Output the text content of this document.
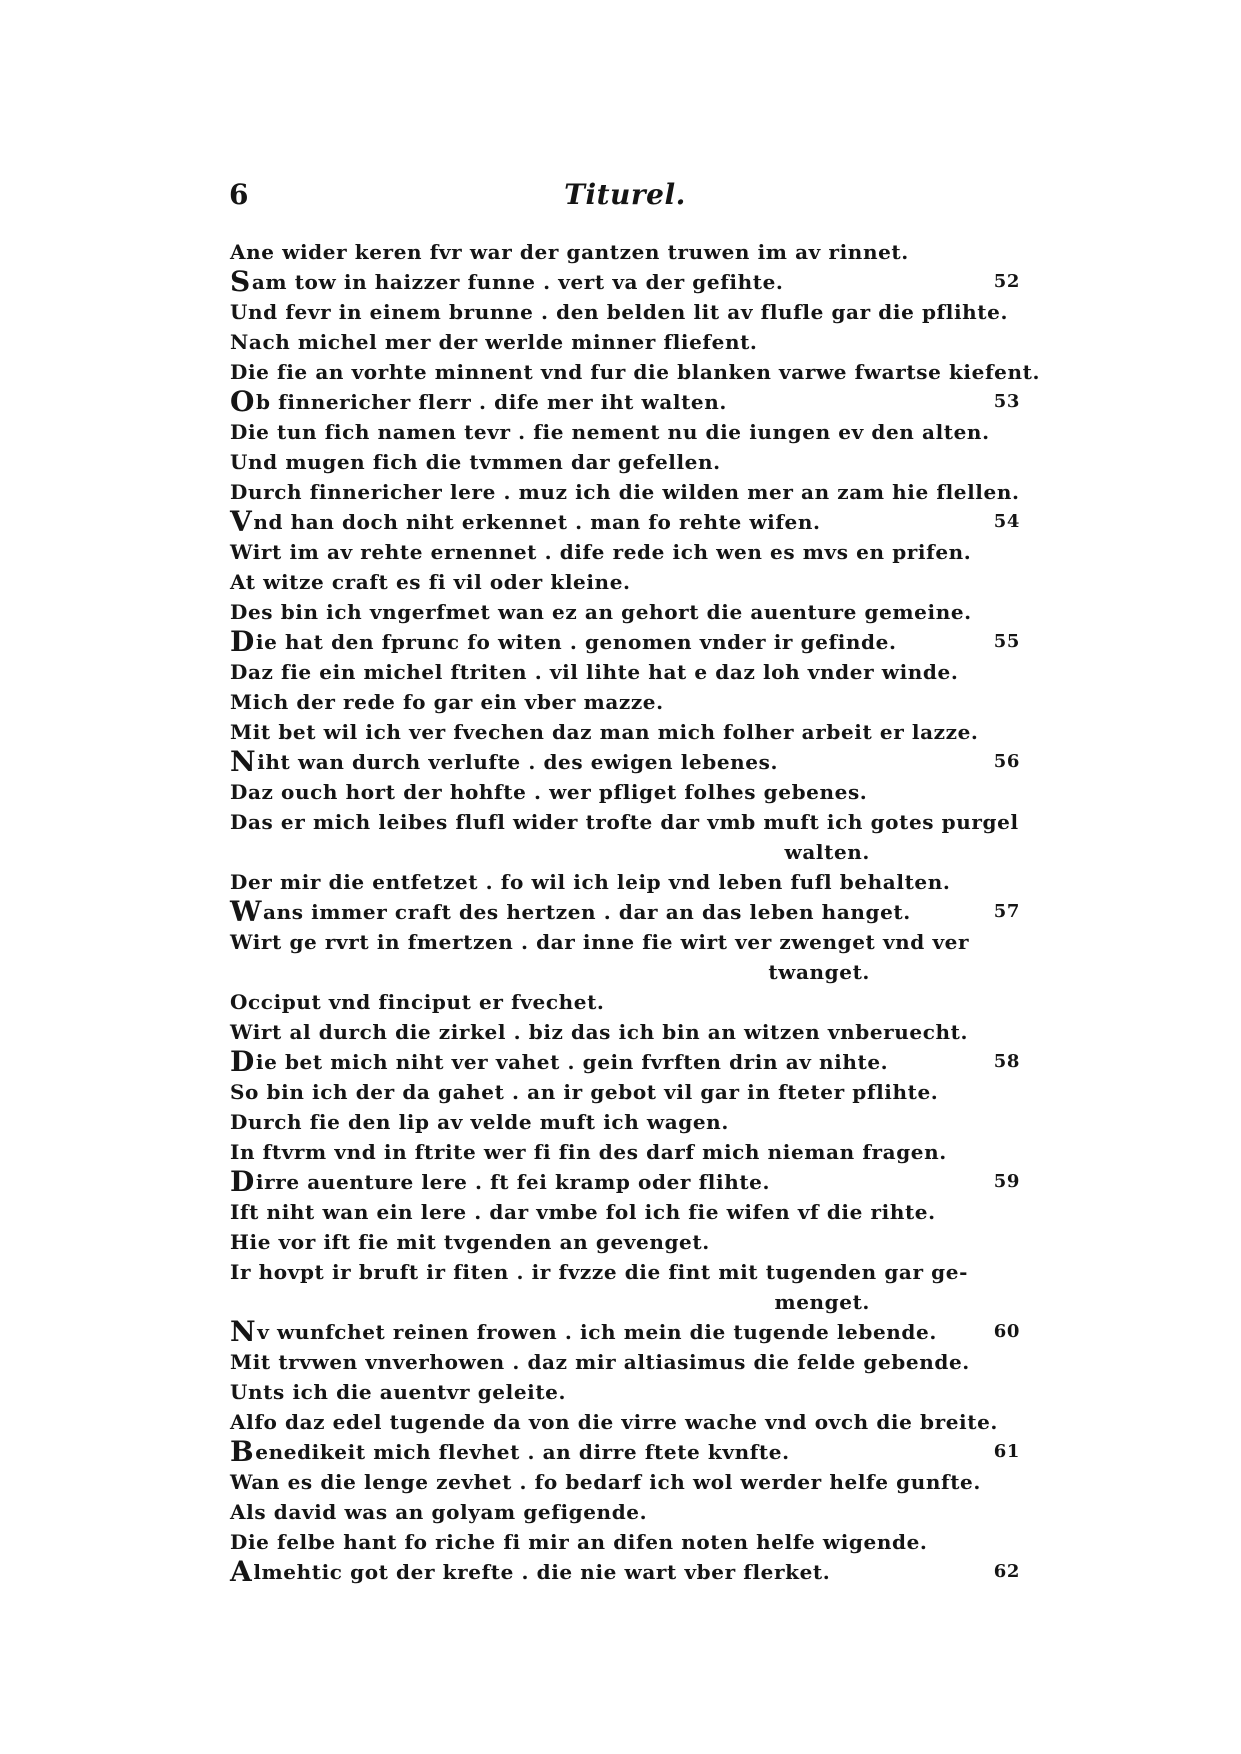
6	Titurel.
Ane wider keren fvr war der gantzen truwen im av rinnet.
Sam tow in haizzer funne . vert va der gefihte.	52
Und fevr in einem brunne . den belden lit av flufle gar die pflihte.
Nach michel mer der werlde minner fliefent.
Die fie an vorhte minnent vnd fur die blanken varwe fwartse kiefent.
Ob finnericher flerr . dife mer iht walten.	53
Die tun fich namen tevr . fie nement nu die iungen ev den alten.
Und mugen fich die tvmmen dar gefellen.
Durch finnericher lere . muz ich die wilden mer an zam hie flellen.
Vnd han doch niht erkennet . man fo rehte wifen.	54
Wirt im av rehte ernennet . dife rede ich wen es mvs en prifen.
At witze craft es fi vil oder kleine.
Des bin ich vngerfmet wan ez an gehort die auenture gemeine.
Die hat den fprunc fo witen . genomen vnder ir gefinde.	55
Daz fie ein michel ftriten . vil lihte hat e daz loh vnder winde.
Mich der rede fo gar ein vber mazze.
Mit bet wil ich ver fvechen daz man mich folher arbeit er lazze.
Niht wan durch verlufte . des ewigen lebenes.	56
Daz ouch hort der hohfte . wer pfliget folhes gebenes.
Das er mich leibes flufl wider trofte dar vmb muft ich gotes purgel
walten.
Der mir die entfetzet . fo wil ich leip vnd leben fufl behalten.
Wans immer craft des hertzen . dar an das leben hanget.	57
Wirt ge rvrt in fmertzen . dar inne fie wirt ver zwenget vnd ver
twanget.
Occiput vnd finciput er fvechet.
Wirt al durch die zirkel . biz das ich bin an witzen vnberuecht.
Die bet mich niht ver vahet . gein fvrften drin av nihte.	58
So bin ich der da gahet . an ir gebot vil gar in fteter pflihte.
Durch fie den lip av velde muft ich wagen.
In ftvrm vnd in ftrite wer fi fin des darf mich nieman fragen.
Dirre auenture lere . ft fei kramp oder flihte.	59
Ift niht wan ein lere . dar vmbe fol ich fie wifen vf die rihte.
Hie vor ift fie mit tvgenden an gevenget.
Ir hovpt ir bruft ir fiten . ir fvzze die fint mit tugenden gar ge-
menget.
Nv wunfchet reinen frowen . ich mein die tugende lebende.	60
Mit trvwen vnverhowen . daz mir altiasimus die felde gebende.
Unts ich die auentvr geleite.
Alfo daz edel tugende da von die virre wache vnd ovch die breite.
Benedikeit mich flevhet . an dirre ftete kvnfte.	61
Wan es die lenge zevhet . fo bedarf ich wol werder helfe gunfte.
Als david was an golyam gefigende.
Die felbe hant fo riche fi mir an difen noten helfe wigende.
Almehtic got der krefte . die nie wart vber flerket.	62
